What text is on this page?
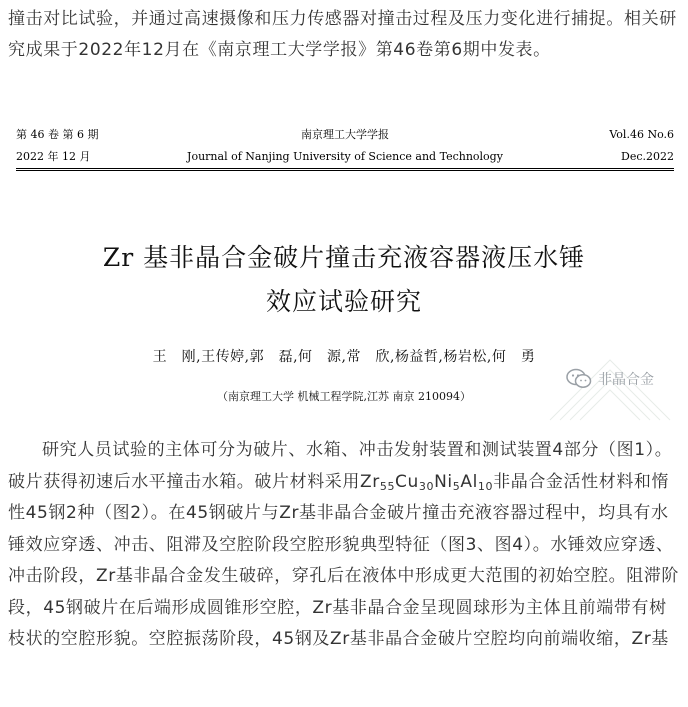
撞击对比试验，并通过高速摄像和压力传感器对撞击过程及压力变化进行捕捉。相关研究成果于2022年12月在《南京理工大学学报》第46卷第6期中发表。

第 46 卷 第 6 期
2022 年 12 月
南京理工大学学报
Journal of Nanjing University of Science and Technology
Vol.46 No.6
Dec.2022
Zr 基非晶合金破片撞击充液容器液压水锤
效应试验研究
王　刚,王传婷,郭　磊,何　源,常　欣,杨益哲,杨岩松,何　勇
（南京理工大学 机械工程学院,江苏 南京 210094）
非晶合金

研究人员试验的主体可分为破片、水箱、冲击发射装置和测试装置4部分（图1）。破片获得初速后水平撞击水箱。破片材料采用$Zr_{55}Cu_{30}Ni_5Al_{10}$非晶合金活性材料和惰性45钢2种（图2）。在45钢破片与Zr基非晶合金破片撞击充液容器过程中，均具有水锤效应穿透、冲击、阻滞及空腔阶段空腔形貌典型特征（图3、图4）。水锤效应穿透、冲击阶段，Zr基非晶合金发生破碎，穿孔后在液体中形成更大范围的初始空腔。阻滞阶段，45钢破片在后端形成圆锥形空腔，Zr基非晶合金呈现圆球形为主体且前端带有树枝状的空腔形貌。空腔振荡阶段，45钢及Zr基非晶合金破片空腔均向前端收缩，Zr基
